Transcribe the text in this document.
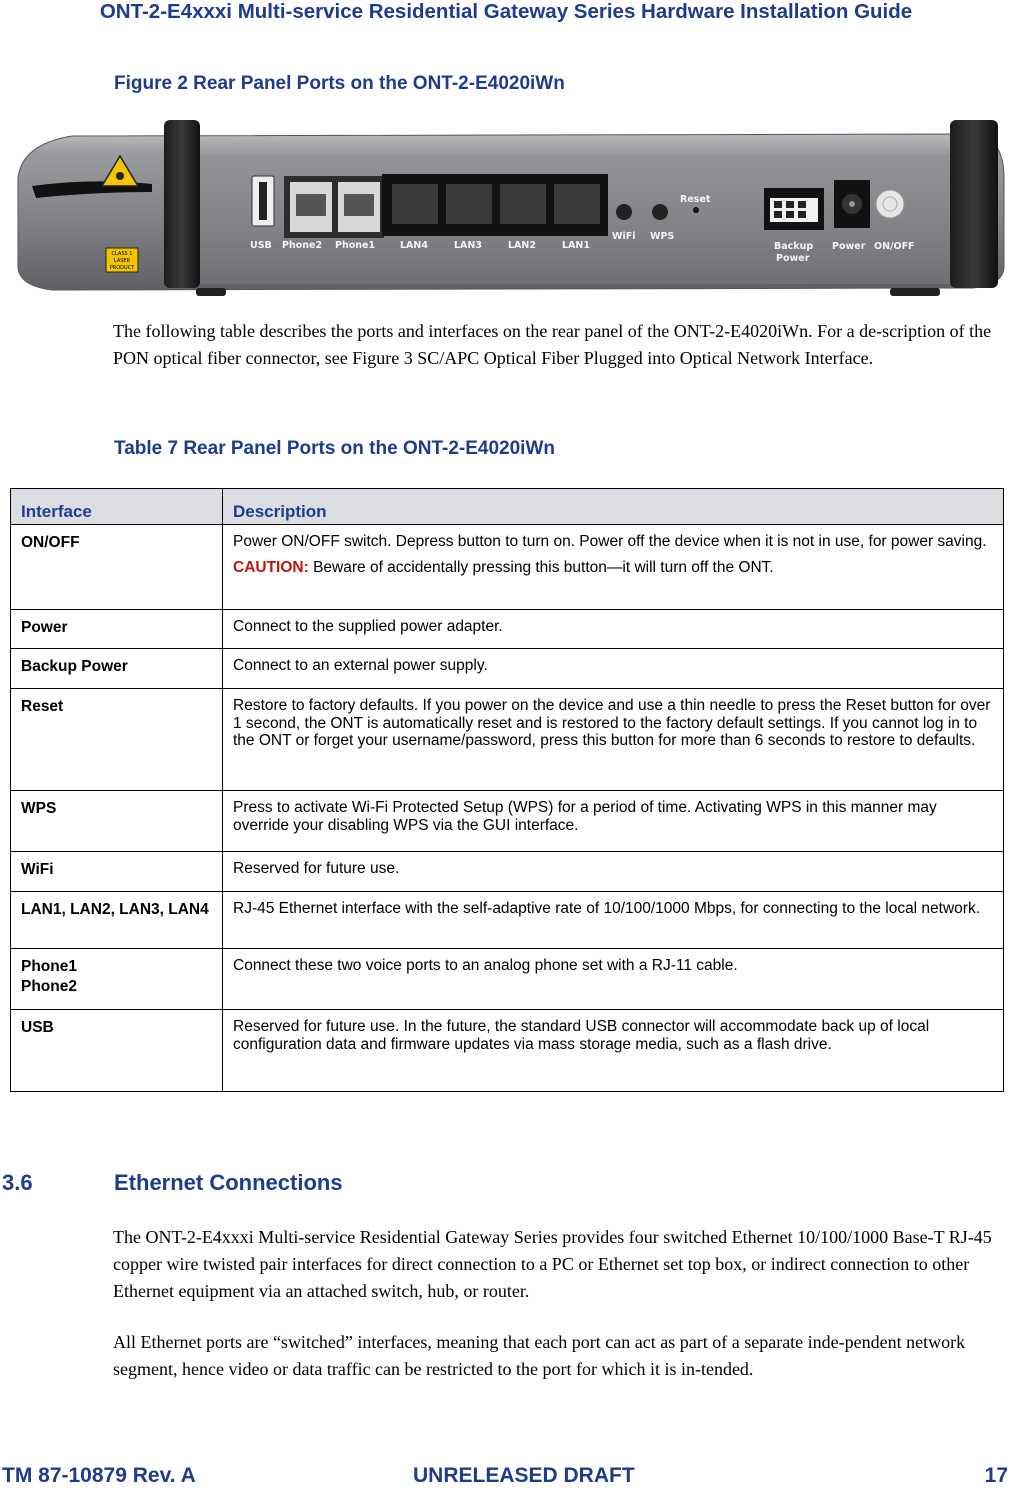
ONT-2-E4xxxi Multi-service Residential Gateway Series Hardware Installation Guide
Figure 2 Rear Panel Ports on the ONT-2-E4020iWn
CLASS 1
LASER
PRODUCT
USB Phone2 Phone1	LAN4	LAN3	LAN2	LAN1
WiFi WPS
Reset
Backup
Power
Power ON/OFF

The following table describes the ports and interfaces on the rear panel of the ONT-2-E4020iWn. For a de-scription of the PON optical fiber connector, see Figure 3 SC/APC Optical Fiber Plugged into Optical Network Interface.

Table 7 Rear Panel Ports on the ONT-2-E4020iWn
Interface	Description
ON/OFF	Power ON/OFF switch. Depress button to turn on. Power off the device when it is not in use, for power saving.
CAUTION: Beware of accidentally pressing this button—it will turn off the ONT.

Power	Connect to the supplied power adapter.
Backup Power	Connect to an external power supply.
Reset	Restore to factory defaults. If you power on the device and use a thin needle to press the Reset button for over 1 second, the ONT is automatically reset and is restored to the factory default settings. If you cannot log in to the ONT or forget your username/password, press this button for more than 6 seconds to restore to defaults.
WPS	Press to activate Wi-Fi Protected Setup (WPS) for a period of time. Activating WPS in this manner may override your disabling WPS via the GUI interface.
WiFi	Reserved for future use.
LAN1, LAN2, LAN3, LAN4	RJ-45 Ethernet interface with the self-adaptive rate of 10/100/1000 Mbps, for connecting to the local network.

Phone1
Phone2	Connect these two voice ports to an analog phone set with a RJ-11 cable.
USB	Reserved for future use. In the future, the standard USB connector will accommodate back up of local configuration data and firmware updates via mass storage media, such as a flash drive.
3.6	Ethernet Connections

The ONT-2-E4xxxi Multi-service Residential Gateway Series provides four switched Ethernet 10/100/1000 Base-T RJ-45 copper wire twisted pair interfaces for direct connection to a PC or Ethernet set top box, or indirect connection to other Ethernet equipment via an attached switch, hub, or router.

All Ethernet ports are “switched” interfaces, meaning that each port can act as part of a separate inde-pendent network segment, hence video or data traffic can be restricted to the port for which it is in-tended.

TM 87-10879 Rev. A	UNRELEASED DRAFT	17
